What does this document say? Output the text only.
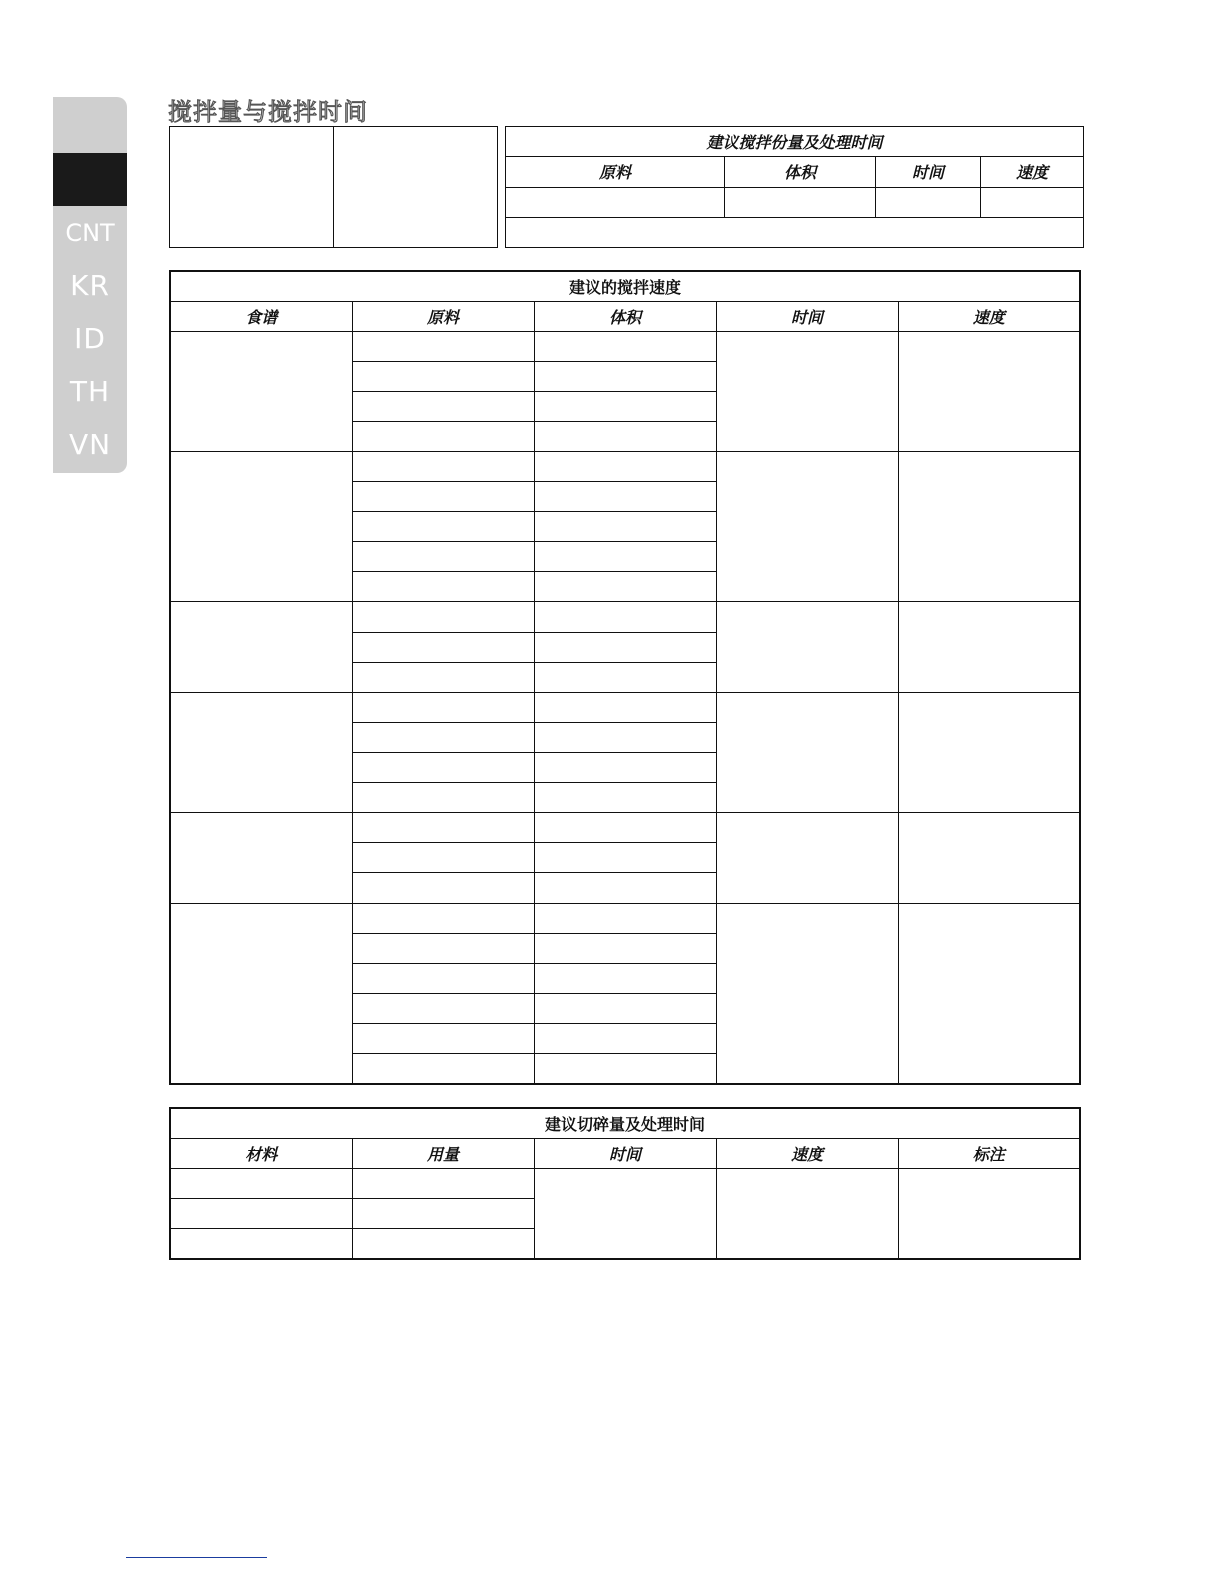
CNT
KR
ID
TH
VN
搅拌量与搅拌时间

建议搅拌份量及处理时间			
原料	体积	时间	速度

建议的搅拌速度				
食谱	原料	体积	时间	速度

建议切碎量及处理时间				
材料	用量	时间	速度	标注
